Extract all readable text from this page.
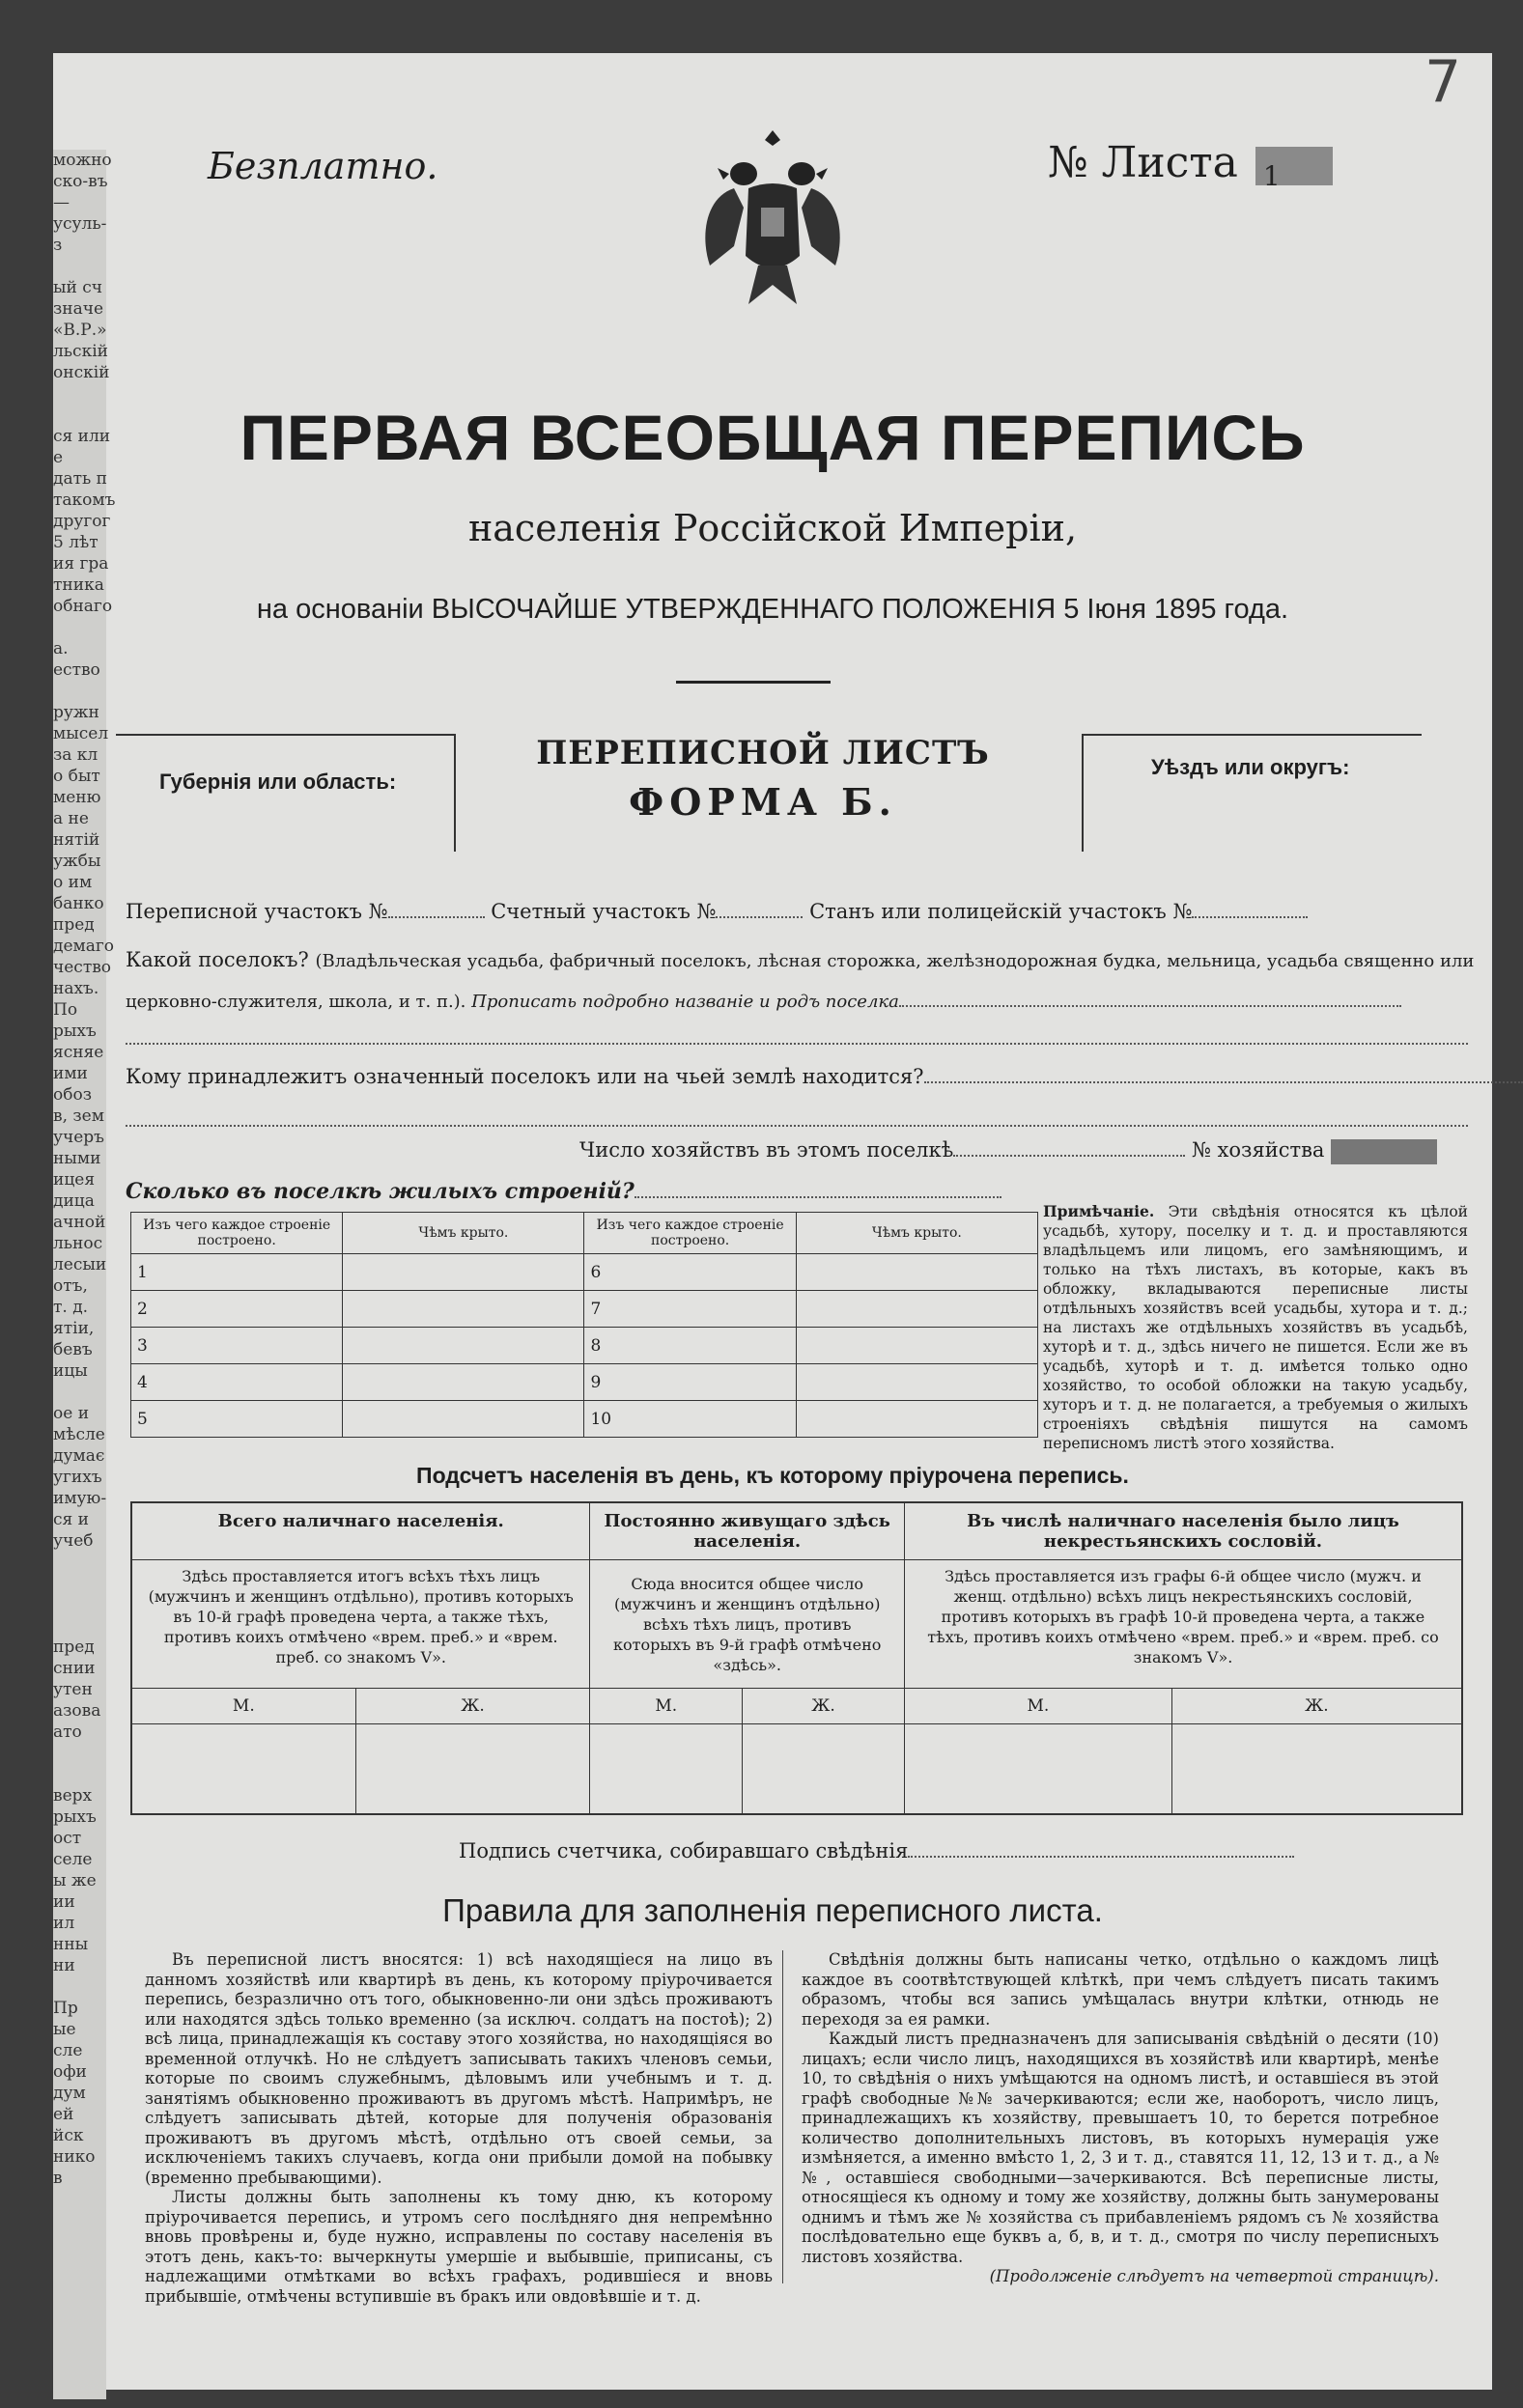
можно
ско-въ
—
усуль-
з

ый сч
значе
«В.Р.»
льскій
онскій

ся или
е
дать п
такомъ
другог
5 лѣт
ия гра
тника
обнаго

а.
ество

ружн
мысел
за кл
о быт
меню
а не
нятій
ужбы
о им
банко
пред
демаго
чество
нахъ.
Пo
рыхъ
ясняе
ими
обоз
в, зем
учеръ
ными
ицея
дица
ачной
льнос
лесыи
отъ,
т. д.
ятіи,
бевъ
ицы

ое и
мѣсле
думає
угихъ
имую-
ся и
учеб

пред
снии
утен
азова
ато

верх
рыхъ
ост
селе
ы же
ии
ил
нны
ни

Пр
ые
сле
офи
дум
ей
йск
нико
в
7
Безплатно.	№ Листа 1
ПЕРВАЯ ВСЕОБЩАЯ ПЕРЕПИСЬ
населенія Россійской Имперіи,
на основаніи ВЫСОЧАЙШЕ УТВЕРЖДЕННАГО ПОЛОЖЕНІЯ 5 Іюня 1895 года.
Губернія или область:
ПЕРЕПИСНОЙ ЛИСТЪ
ФОРМА Б.
Уѣздъ или округъ:
Переписной участокъ №	Счетный участокъ №	Станъ или полицейскій участокъ №
Какой поселокъ? (Владѣльческая усадьба, фабричный поселокъ, лѣсная сторожка, желѣзнодорожная будка, мельница, усадьба священно или
церковно-служителя, школа, и т. п.). Прописать подробно названіе и родъ поселка
Кому принадлежитъ означенный поселокъ или на чьей землѣ находится?
Число хозяйствъ въ этомъ поселкѣ	№ хозяйства
Сколько въ поселкѣ жилыхъ строеній?
Изъ чего каждое строеніе построено.	Чѣмъ крыто.	Изъ чего каждое строеніе построено.	Чѣмъ крыто.
1		6	
2		7	
3		8	
4		9	
5		10	
Примѣчаніе. Эти свѣдѣнія относятся къ цѣлой усадьбѣ, хутору, поселку и т. д. и проставляются владѣльцемъ или лицомъ, его замѣняющимъ, и только на тѣхъ листахъ, въ которые, какъ въ обложку, вкладываются переписные листы отдѣльныхъ хозяйствъ всей усадьбы, хутора и т. д.; на листахъ же отдѣльныхъ хозяйствъ въ усадьбѣ, хуторѣ и т. д., здѣсь ничего не пишется. Если же въ усадьбѣ, хуторѣ и т. д. имѣется только одно хозяйство, то особой обложки на такую усадьбу, хуторъ и т. д. не полагается, а требуемыя о жилыхъ строеніяхъ свѣдѣнія пишутся на самомъ переписномъ листѣ этого хозяйства.
Подсчетъ населенія въ день, къ которому пріурочена перепись.
Всего наличнаго населенія.		Постоянно живущаго здѣсь населенія.		Въ числѣ наличнаго населенія было лицъ некрестьянскихъ сословій.	
Здѣсь проставляется итогъ всѣхъ тѣхъ лицъ (мужчинъ и женщинъ отдѣльно), противъ которыхъ въ 10-й графѣ проведена черта, а также тѣхъ, противъ коихъ отмѣчено «врем. преб.» и «врем. преб. со знакомъ V».		Сюда вносится общее число (мужчинъ и женщинъ отдѣльно) всѣхъ тѣхъ лицъ, противъ которыхъ въ 9-й графѣ отмѣчено «здѣсь».		Здѣсь проставляется изъ графы 6-й общее число (мужч. и женщ. отдѣльно) всѣхъ лицъ некрестьянскихъ сословій, противъ которыхъ въ графѣ 10-й проведена черта, а также тѣхъ, противъ коихъ отмѣчено «врем. преб.» и «врем. преб. со знакомъ V».	
М.	Ж.	М.	Ж.	М.	Ж.

Подпись счетчика, собиравшаго свѣдѣнія
Правила для заполненія переписного листа.

Въ переписной листъ вносятся: 1) всѣ находящіеся на лицо въ данномъ хозяйствѣ или квартирѣ въ день, къ которому пріурочивается перепись, безразлично отъ того, обыкновенно-ли они здѣсь проживаютъ или находятся здѣсь только временно (за исключ. солдатъ на постоѣ); 2) всѣ лица, принадлежащія къ составу этого хозяйства, но находящіяся во временной отлучкѣ. Но не слѣдуетъ записывать такихъ членовъ семьи, которые по своимъ служебнымъ, дѣловымъ или учебнымъ и т. д. занятіямъ обыкновенно проживаютъ въ другомъ мѣстѣ. Напримѣръ, не слѣдуетъ записывать дѣтей, которые для полученія образованія проживаютъ въ другомъ мѣстѣ, отдѣльно отъ своей семьи, за исключеніемъ такихъ случаевъ, когда они прибыли домой на побывку (временно пребывающими).

Листы должны быть заполнены къ тому дню, къ которому пріурочивается перепись, и утромъ сего послѣдняго дня непремѣнно вновь провѣрены и, буде нужно, исправлены по составу населенія въ этотъ день, какъ-то: вычеркнуты умершіе и выбывшіе, приписаны, съ надлежащими отмѣтками во всѣхъ графахъ, родившіеся и вновь прибывшіе, отмѣчены вступившіе въ бракъ или овдовѣвшіе и т. д.

Свѣдѣнія должны быть написаны четко, отдѣльно о каждомъ лицѣ каждое въ соотвѣтствующей клѣткѣ, при чемъ слѣдуетъ писать такимъ образомъ, чтобы вся запись умѣщалась внутри клѣтки, отнюдь не переходя за ея рамки.

Каждый листъ предназначенъ для записыванія свѣдѣній о десяти (10) лицахъ; если число лицъ, находящихся въ хозяйствѣ или квартирѣ, менѣе 10, то свѣдѣнія о нихъ умѣщаются на одномъ листѣ, и оставшіеся въ этой графѣ свободные №№ зачеркиваются; если же, наоборотъ, число лицъ, принадлежащихъ къ хозяйству, превышаетъ 10, то берется потребное количество дополнительныхъ листовъ, въ которыхъ нумерація уже измѣняется, а именно вмѣсто 1, 2, 3 и т. д., ставятся 11, 12, 13 и т. д., а №№, оставшіеся свободными—зачеркиваются. Всѣ переписные листы, относящіеся къ одному и тому же хозяйству, должны быть занумерованы однимъ и тѣмъ же № хозяйства съ прибавленіемъ рядомъ съ № хозяйства послѣдовательно еще буквъ а, б, в, и т. д., смотря по числу переписныхъ листовъ хозяйства.

(Продолженіе слѣдуетъ на четвертой страницѣ).
